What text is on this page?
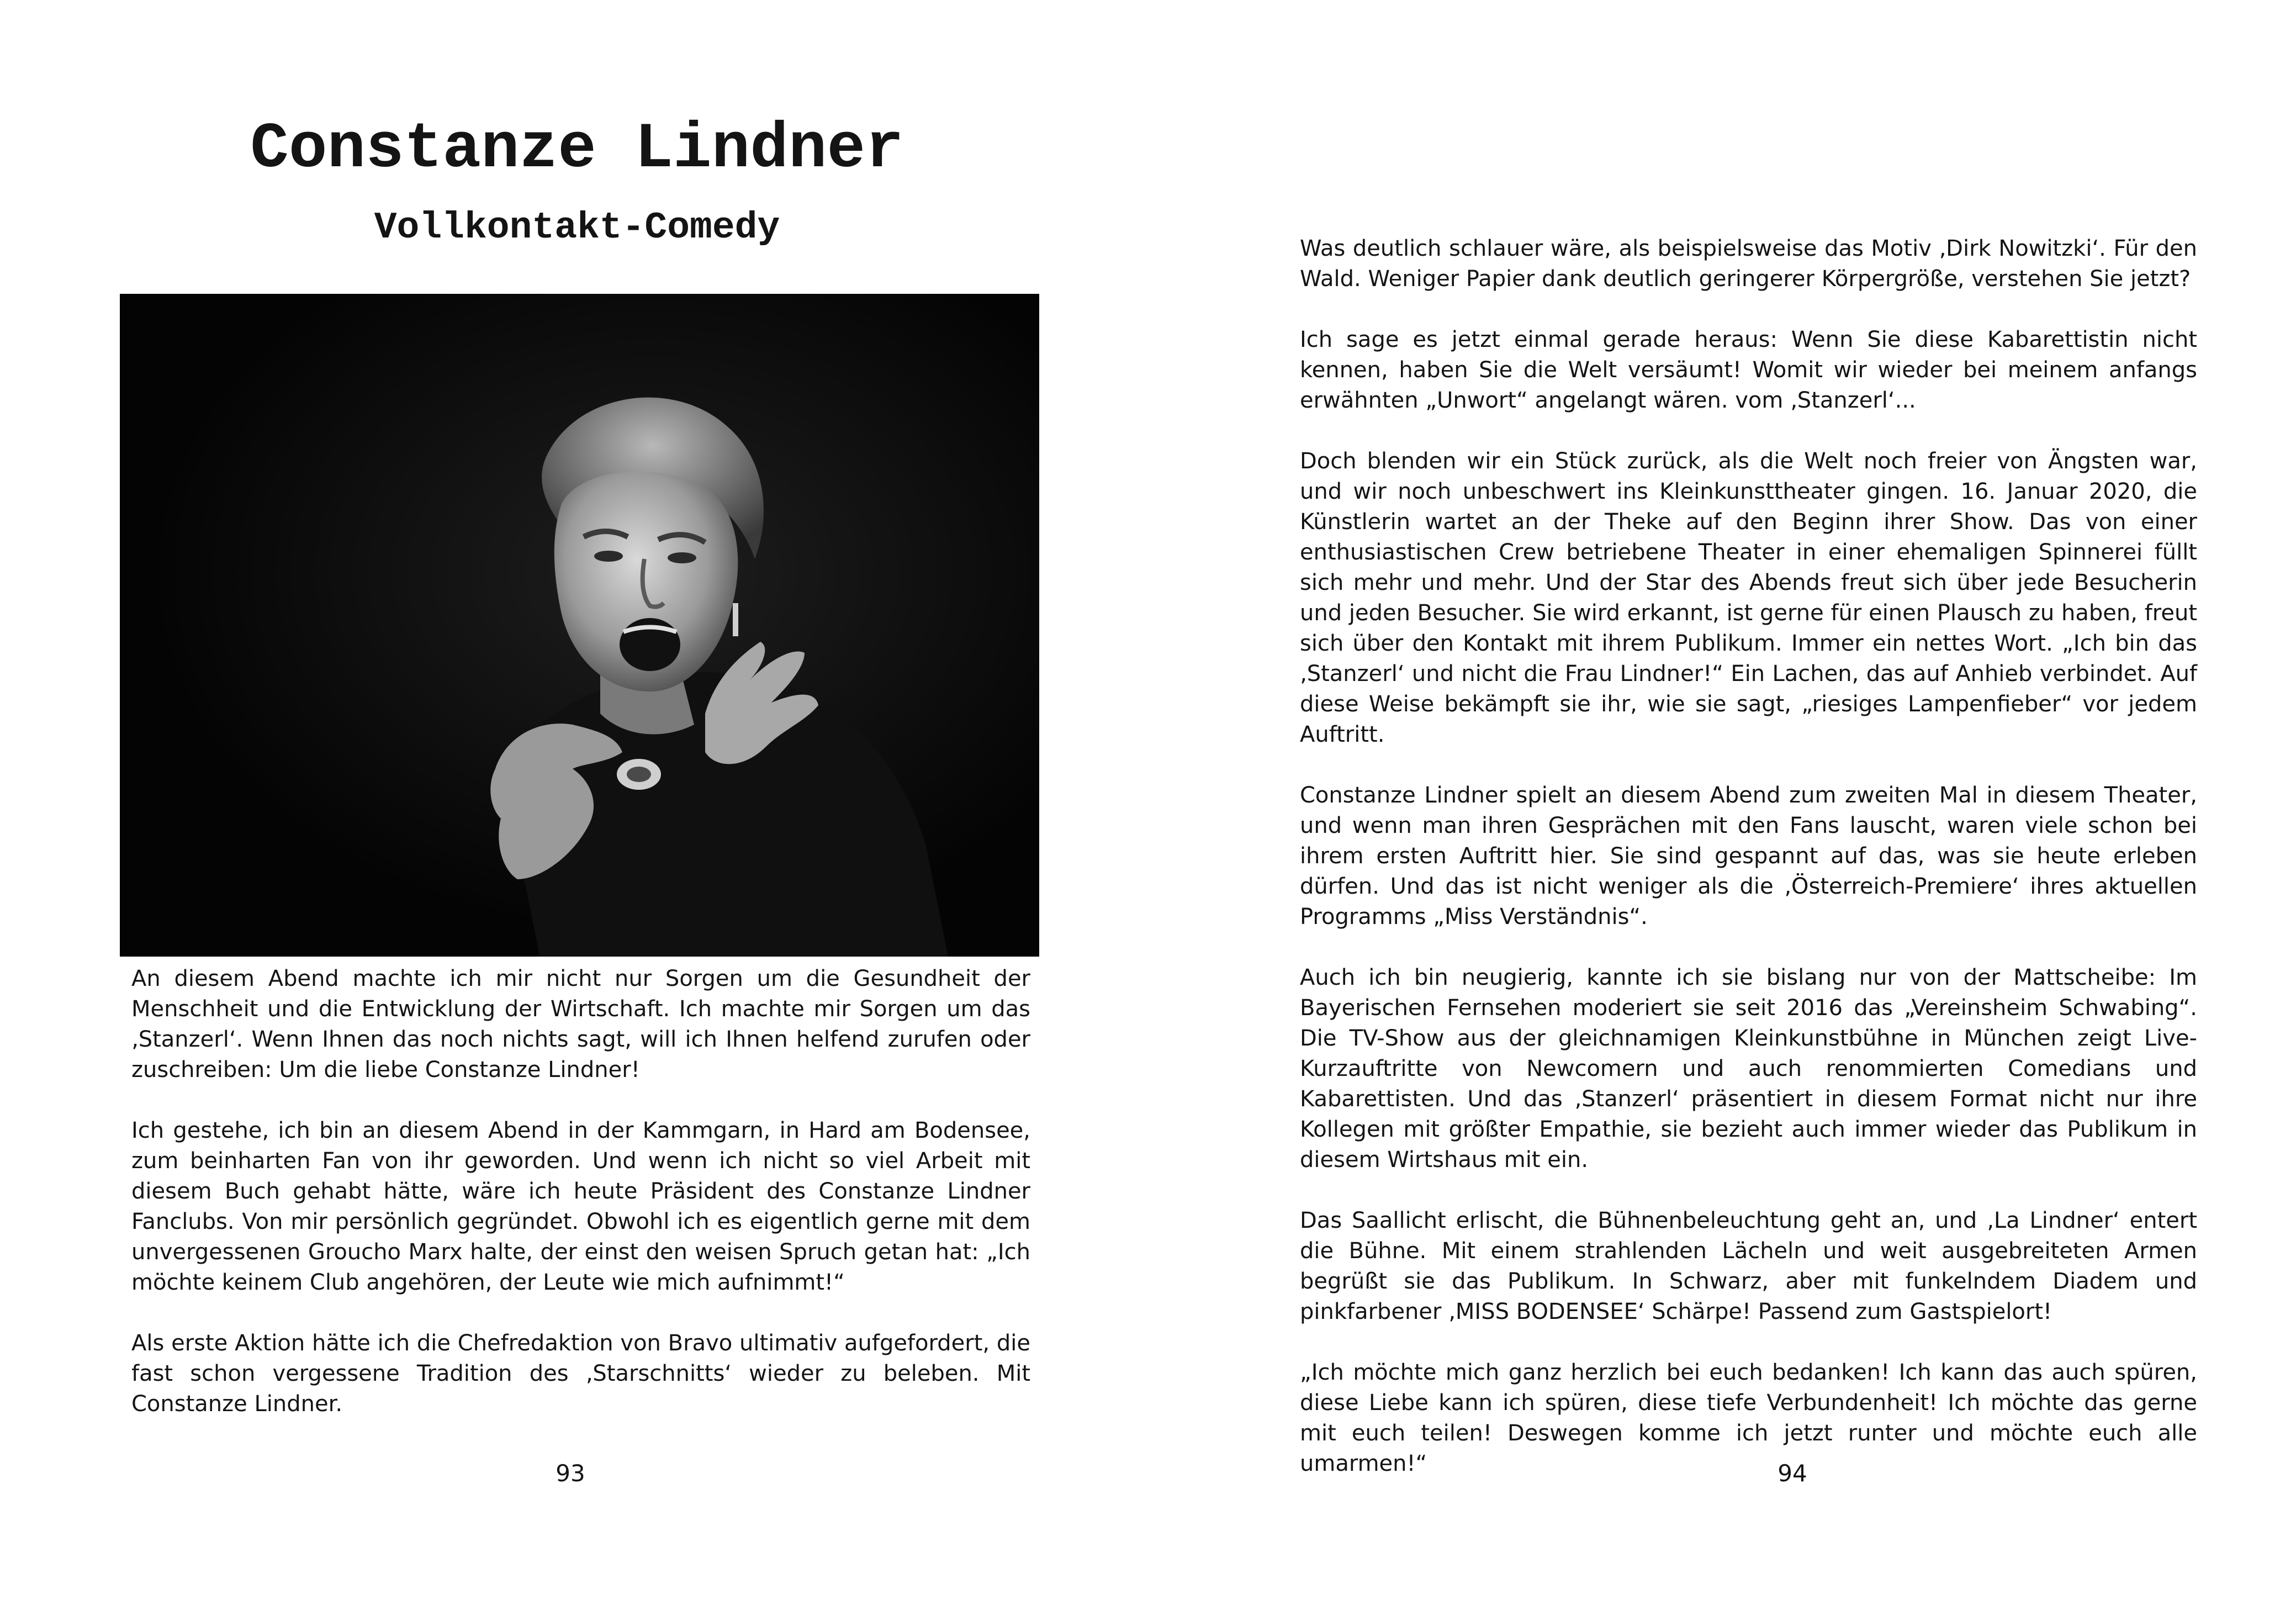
Constanze Lindner
Vollkontakt-Comedy

An diesem Abend machte ich mir nicht nur Sorgen um die Gesundheit der Menschheit und die Entwicklung der Wirtschaft. Ich machte mir Sorgen um das ‚Stanzerl‘. Wenn Ihnen das noch nichts sagt, will ich Ihnen helfend zurufen oder zuschreiben: Um die liebe Constanze Lindner!

Ich gestehe, ich bin an diesem Abend in der Kammgarn, in Hard am Bodensee, zum beinharten Fan von ihr geworden. Und wenn ich nicht so viel Arbeit mit diesem Buch gehabt hätte, wäre ich heute Präsident des Constanze Lindner Fanclubs. Von mir persönlich gegründet. Obwohl ich es eigentlich gerne mit dem unvergessenen Groucho Marx halte, der einst den weisen Spruch getan hat: „Ich möchte keinem Club angehören, der Leute wie mich aufnimmt!“

Als erste Aktion hätte ich die Chefredaktion von Bravo ultimativ aufgefordert, die fast schon vergessene Tradition des ‚Starschnitts‘ wieder zu beleben. Mit Constanze Lindner.

93

Was deutlich schlauer wäre, als beispielsweise das Motiv ‚Dirk Nowitzki‘. Für den Wald. Weniger Papier dank deutlich geringerer Körpergröße, verstehen Sie jetzt?

Ich sage es jetzt einmal gerade heraus: Wenn Sie diese Kabarettistin nicht kennen, haben Sie die Welt versäumt! Womit wir wieder bei meinem anfangs erwähnten „Unwort“ angelangt wären. vom ‚Stanzerl‘...

Doch blenden wir ein Stück zurück, als die Welt noch freier von Ängsten war, und wir noch unbeschwert ins Kleinkunsttheater gingen. 16. Januar 2020, die Künstlerin wartet an der Theke auf den Beginn ihrer Show. Das von einer enthusiastischen Crew betriebene Theater in einer ehemaligen Spinnerei füllt sich mehr und mehr. Und der Star des Abends freut sich über jede Besucherin und jeden Besucher. Sie wird erkannt, ist gerne für einen Plausch zu haben, freut sich über den Kontakt mit ihrem Publikum. Immer ein nettes Wort. „Ich bin das ‚Stanzerl‘ und nicht die Frau Lindner!“ Ein Lachen, das auf Anhieb verbindet. Auf diese Weise bekämpft sie ihr, wie sie sagt, „riesiges Lampenfieber“ vor jedem Auftritt.

Constanze Lindner spielt an diesem Abend zum zweiten Mal in diesem Theater, und wenn man ihren Gesprächen mit den Fans lauscht, waren viele schon bei ihrem ersten Auftritt hier. Sie sind gespannt auf das, was sie heute erleben dürfen. Und das ist nicht weniger als die ‚Österreich-Premiere‘ ihres aktuellen Programms „Miss Verständnis“.

Auch ich bin neugierig, kannte ich sie bislang nur von der Mattscheibe: Im Bayerischen Fernsehen moderiert sie seit 2016 das „Vereinsheim Schwabing“. Die TV-Show aus der gleichnamigen Kleinkunstbühne in München zeigt Live-Kurzauftritte von Newcomern und auch renommierten Comedians und Kabarettisten. Und das ‚Stanzerl‘ präsentiert in diesem Format nicht nur ihre Kollegen mit größter Empathie, sie bezieht auch immer wieder das Publikum in diesem Wirtshaus mit ein.

Das Saallicht erlischt, die Bühnenbeleuchtung geht an, und ‚La Lindner‘ entert die Bühne. Mit einem strahlenden Lächeln und weit ausgebreiteten Armen begrüßt sie das Publikum. In Schwarz, aber mit funkelndem Diadem und pinkfarbener ‚MISS BODENSEE‘ Schärpe! Passend zum Gastspielort!

„Ich möchte mich ganz herzlich bei euch bedanken! Ich kann das auch spüren, diese Liebe kann ich spüren, diese tiefe Verbundenheit! Ich möchte das gerne mit euch teilen! Deswegen komme ich jetzt runter und möchte euch alle umarmen!“	94
